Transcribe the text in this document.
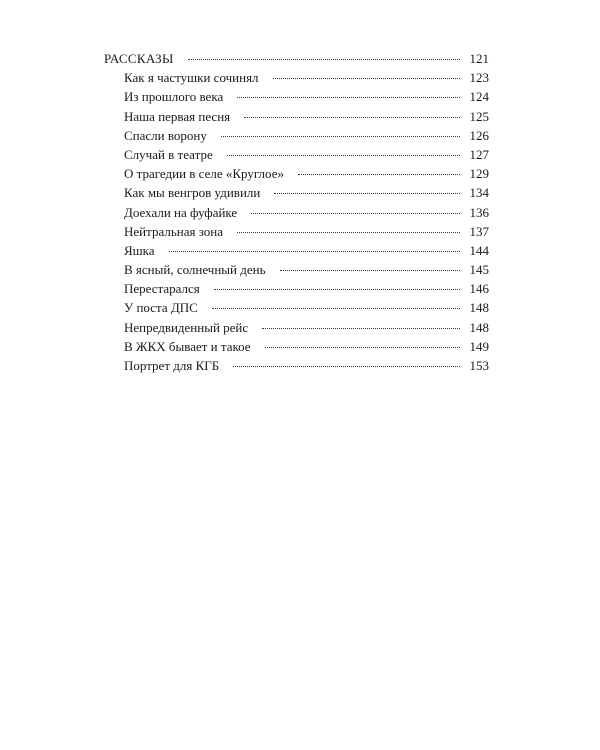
РАССКАЗЫ	121
Как я частушки сочинял	123
Из прошлого века	124
Наша первая песня	125
Спасли ворону	126
Случай в театре	127
О трагедии в селе «Круглое»	129
Как мы венгров удивили	134
Доехали на фуфайке	136
Нейтральная зона	137
Яшка	144
В ясный, солнечный день	145
Перестарался	146
У поста ДПС	148
Непредвиденный рейс	148
В ЖКХ бывает и такое	149
Портрет для КГБ	153
